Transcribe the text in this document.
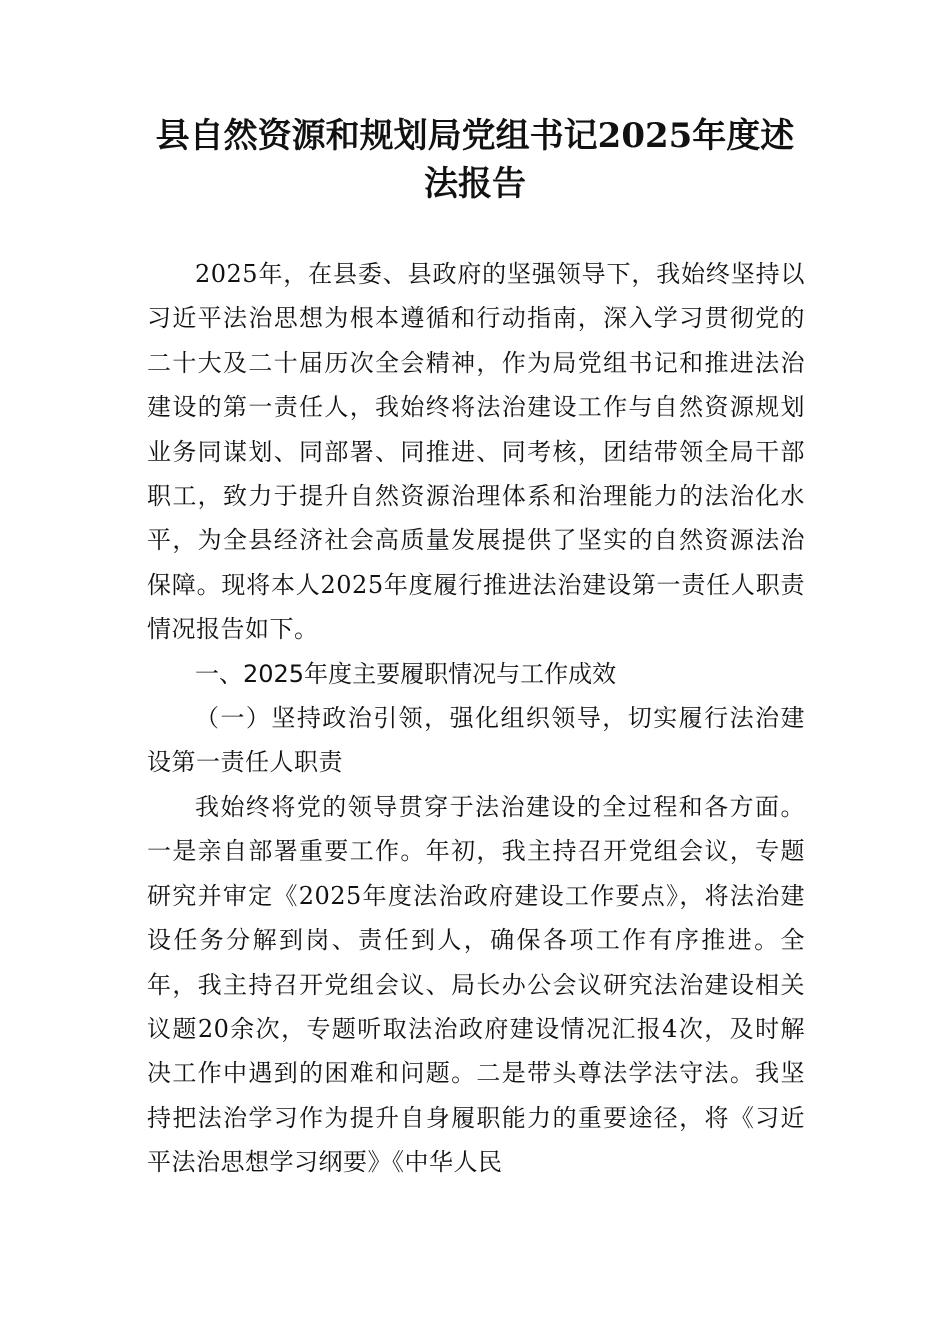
县自然资源和规划局党组书记2025年度述法报告

2025年，在县委、县政府的坚强领导下，我始终坚持以习近平法治思想为根本遵循和行动指南，深入学习贯彻党的二十大及二十届历次全会精神，作为局党组书记和推进法治建设的第一责任人，我始终将法治建设工作与自然资源规划业务同谋划、同部署、同推进、同考核，团结带领全局干部职工，致力于提升自然资源治理体系和治理能力的法治化水平，为全县经济社会高质量发展提供了坚实的自然资源法治保障。现将本人2025年度履行推进法治建设第一责任人职责情况报告如下。

一、2025年度主要履职情况与工作成效

（一）坚持政治引领，强化组织领导，切实履行法治建设第一责任人职责

我始终将党的领导贯穿于法治建设的全过程和各方面。一是亲自部署重要工作。年初，我主持召开党组会议，专题研究并审定《2025年度法治政府建设工作要点》，将法治建设任务分解到岗、责任到人，确保各项工作有序推进。全年，我主持召开党组会议、局长办公会议研究法治建设相关议题20余次，专题听取法治政府建设情况汇报4次，及时解决工作中遇到的困难和问题。二是带头尊法学法守法。我坚持把法治学习作为提升自身履职能力的重要途径，将《习近平法治思想学习纲要》《中华人民
